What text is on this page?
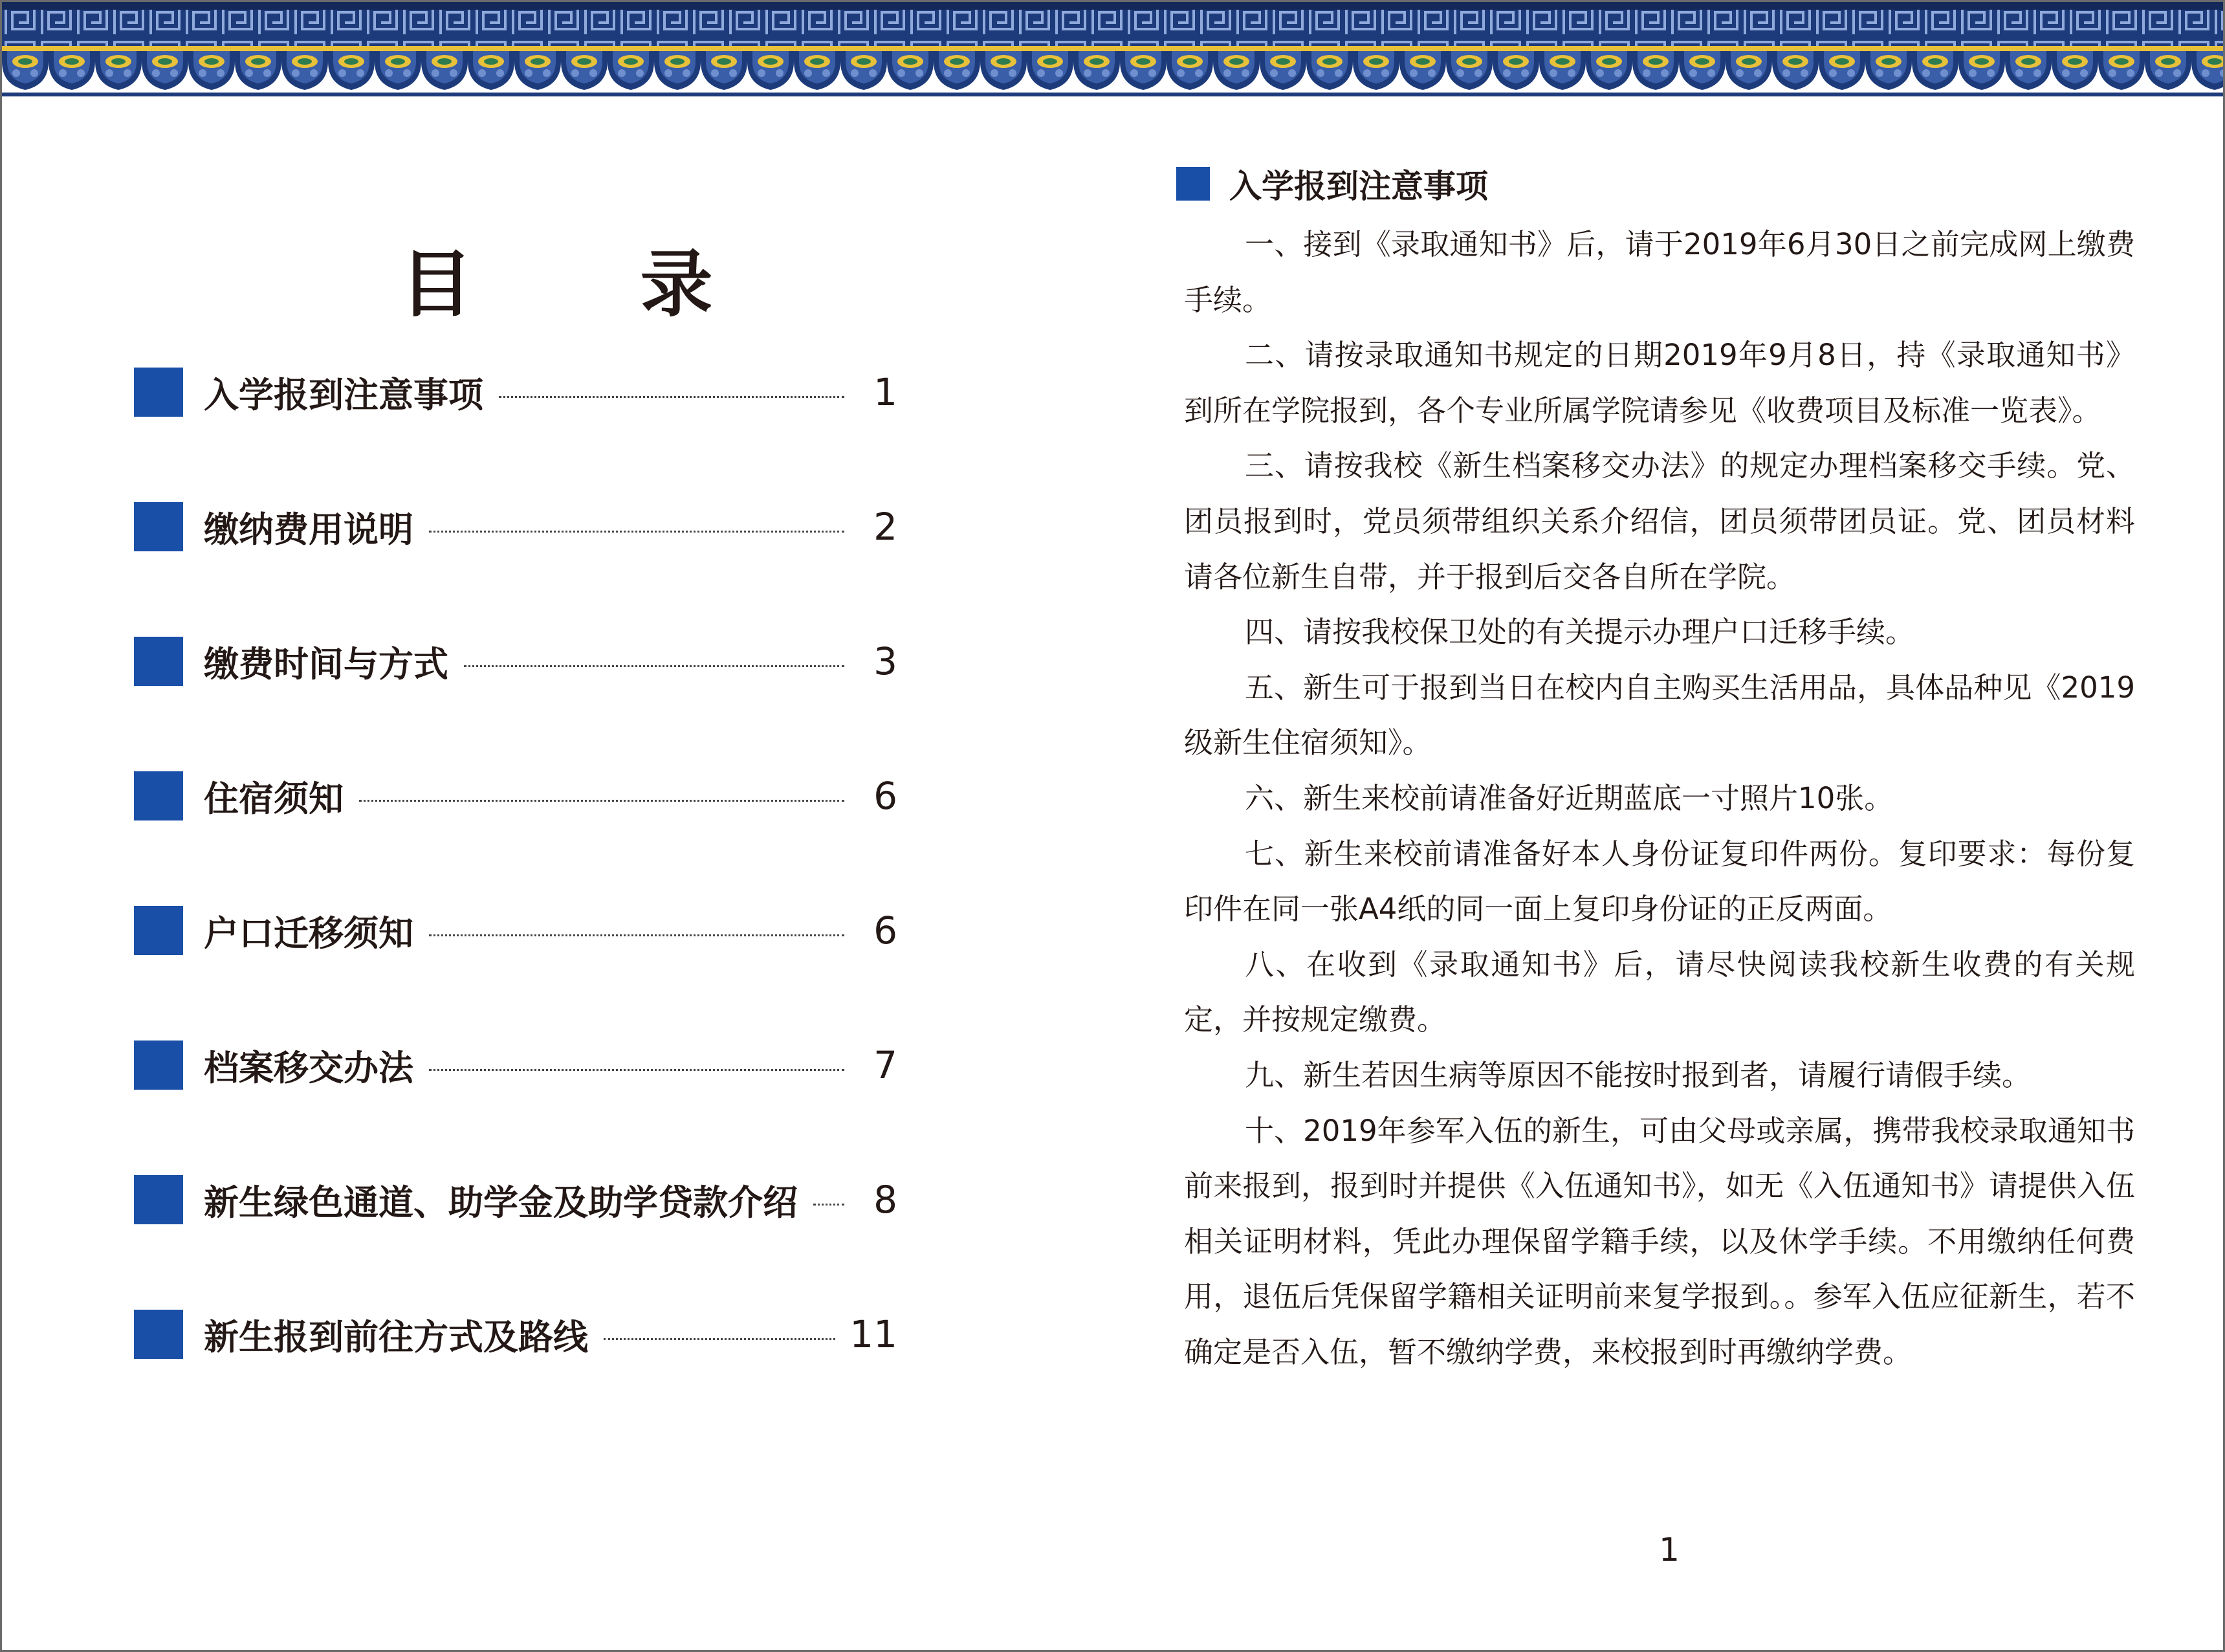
目 录
入学报到注意事项	1
缴纳费用说明	2
缴费时间与方式	3
住宿须知	6
户口迁移须知	6
档案移交办法	7
新生绿色通道、助学金及助学贷款介绍	8
新生报到前往方式及路线	11
入学报到注意事项

一、接到《录取通知书》后，请于2019年6月30日之前完成网上缴费手续。

二、请按录取通知书规定的日期2019年9月8日，持《录取通知书》到所在学院报到，各个专业所属学院请参见《收费项目及标准一览表》。

三、请按我校《新生档案移交办法》的规定办理档案移交手续。党、团员报到时，党员须带组织关系介绍信，团员须带团员证。党、团员材料请各位新生自带，并于报到后交各自所在学院。

四、请按我校保卫处的有关提示办理户口迁移手续。

五、新生可于报到当日在校内自主购买生活用品，具体品种见《2019级新生住宿须知》。

六、新生来校前请准备好近期蓝底一寸照片10张。

七、新生来校前请准备好本人身份证复印件两份。复印要求：每份复印件在同一张A4纸的同一面上复印身份证的正反两面。

八、在收到《录取通知书》后，请尽快阅读我校新生收费的有关规定，并按规定缴费。

九、新生若因生病等原因不能按时报到者，请履行请假手续。

十、2019年参军入伍的新生，可由父母或亲属，携带我校录取通知书前来报到，报到时并提供《入伍通知书》，如无《入伍通知书》请提供入伍相关证明材料，凭此办理保留学籍手续，以及休学手续。不用缴纳任何费用，退伍后凭保留学籍相关证明前来复学报到。。参军入伍应征新生，若不确定是否入伍，暂不缴纳学费，来校报到时再缴纳学费。

1
